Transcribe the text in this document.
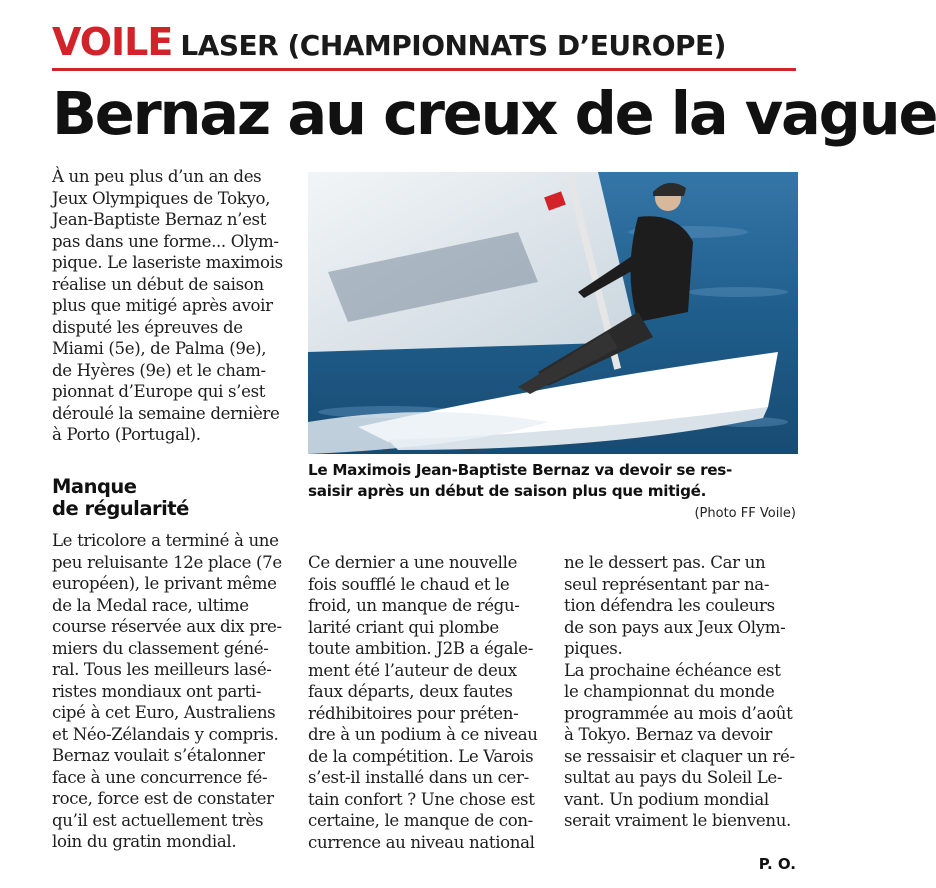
VOILE LASER (CHAMPIONNATS D’EUROPE)
Bernaz au creux de la vague

À un peu plus d’un an des

Jeux Olympiques de Tokyo,

Jean-Baptiste Bernaz n’est

pas dans une forme... Olym-

pique. Le laseriste maximois

réalise un début de saison

plus que mitigé après avoir

disputé les épreuves de

Miami (5e), de Palma (9e),

de Hyères (9e) et le cham-

pionnat d’Europe qui s’est

déroulé la semaine dernière

à Porto (Portugal).

Manque
de régularité

Le tricolore a terminé à une

peu reluisante 12e place (7e

européen), le privant même

de la Medal race, ultime

course réservée aux dix pre-

miers du classement géné-

ral. Tous les meilleurs lasé-

ristes mondiaux ont parti-

cipé à cet Euro, Australiens

et Néo-Zélandais y compris.

Bernaz voulait s’étalonner

face à une concurrence fé-

roce, force est de constater

qu’il est actuellement très

loin du gratin mondial.

Le Maximois Jean-Baptiste Bernaz va devoir se res-
saisir après un début de saison plus que mitigé.
(Photo FF Voile)

Ce dernier a une nouvelle

fois soufflé le chaud et le

froid, un manque de régu-

larité criant qui plombe

toute ambition. J2B a égale-

ment été l’auteur de deux

faux départs, deux fautes

rédhibitoires pour préten-

dre à un podium à ce niveau

de la compétition. Le Varois

s’est-il installé dans un cer-

tain confort ? Une chose est

certaine, le manque de con-

currence au niveau national

ne le dessert pas. Car un

seul représentant par na-

tion défendra les couleurs

de son pays aux Jeux Olym-

piques.

La prochaine échéance est

le championnat du monde

programmée au mois d’août

à Tokyo. Bernaz va devoir

se ressaisir et claquer un ré-

sultat au pays du Soleil Le-

vant. Un podium mondial

serait vraiment le bienvenu.

P. O.
